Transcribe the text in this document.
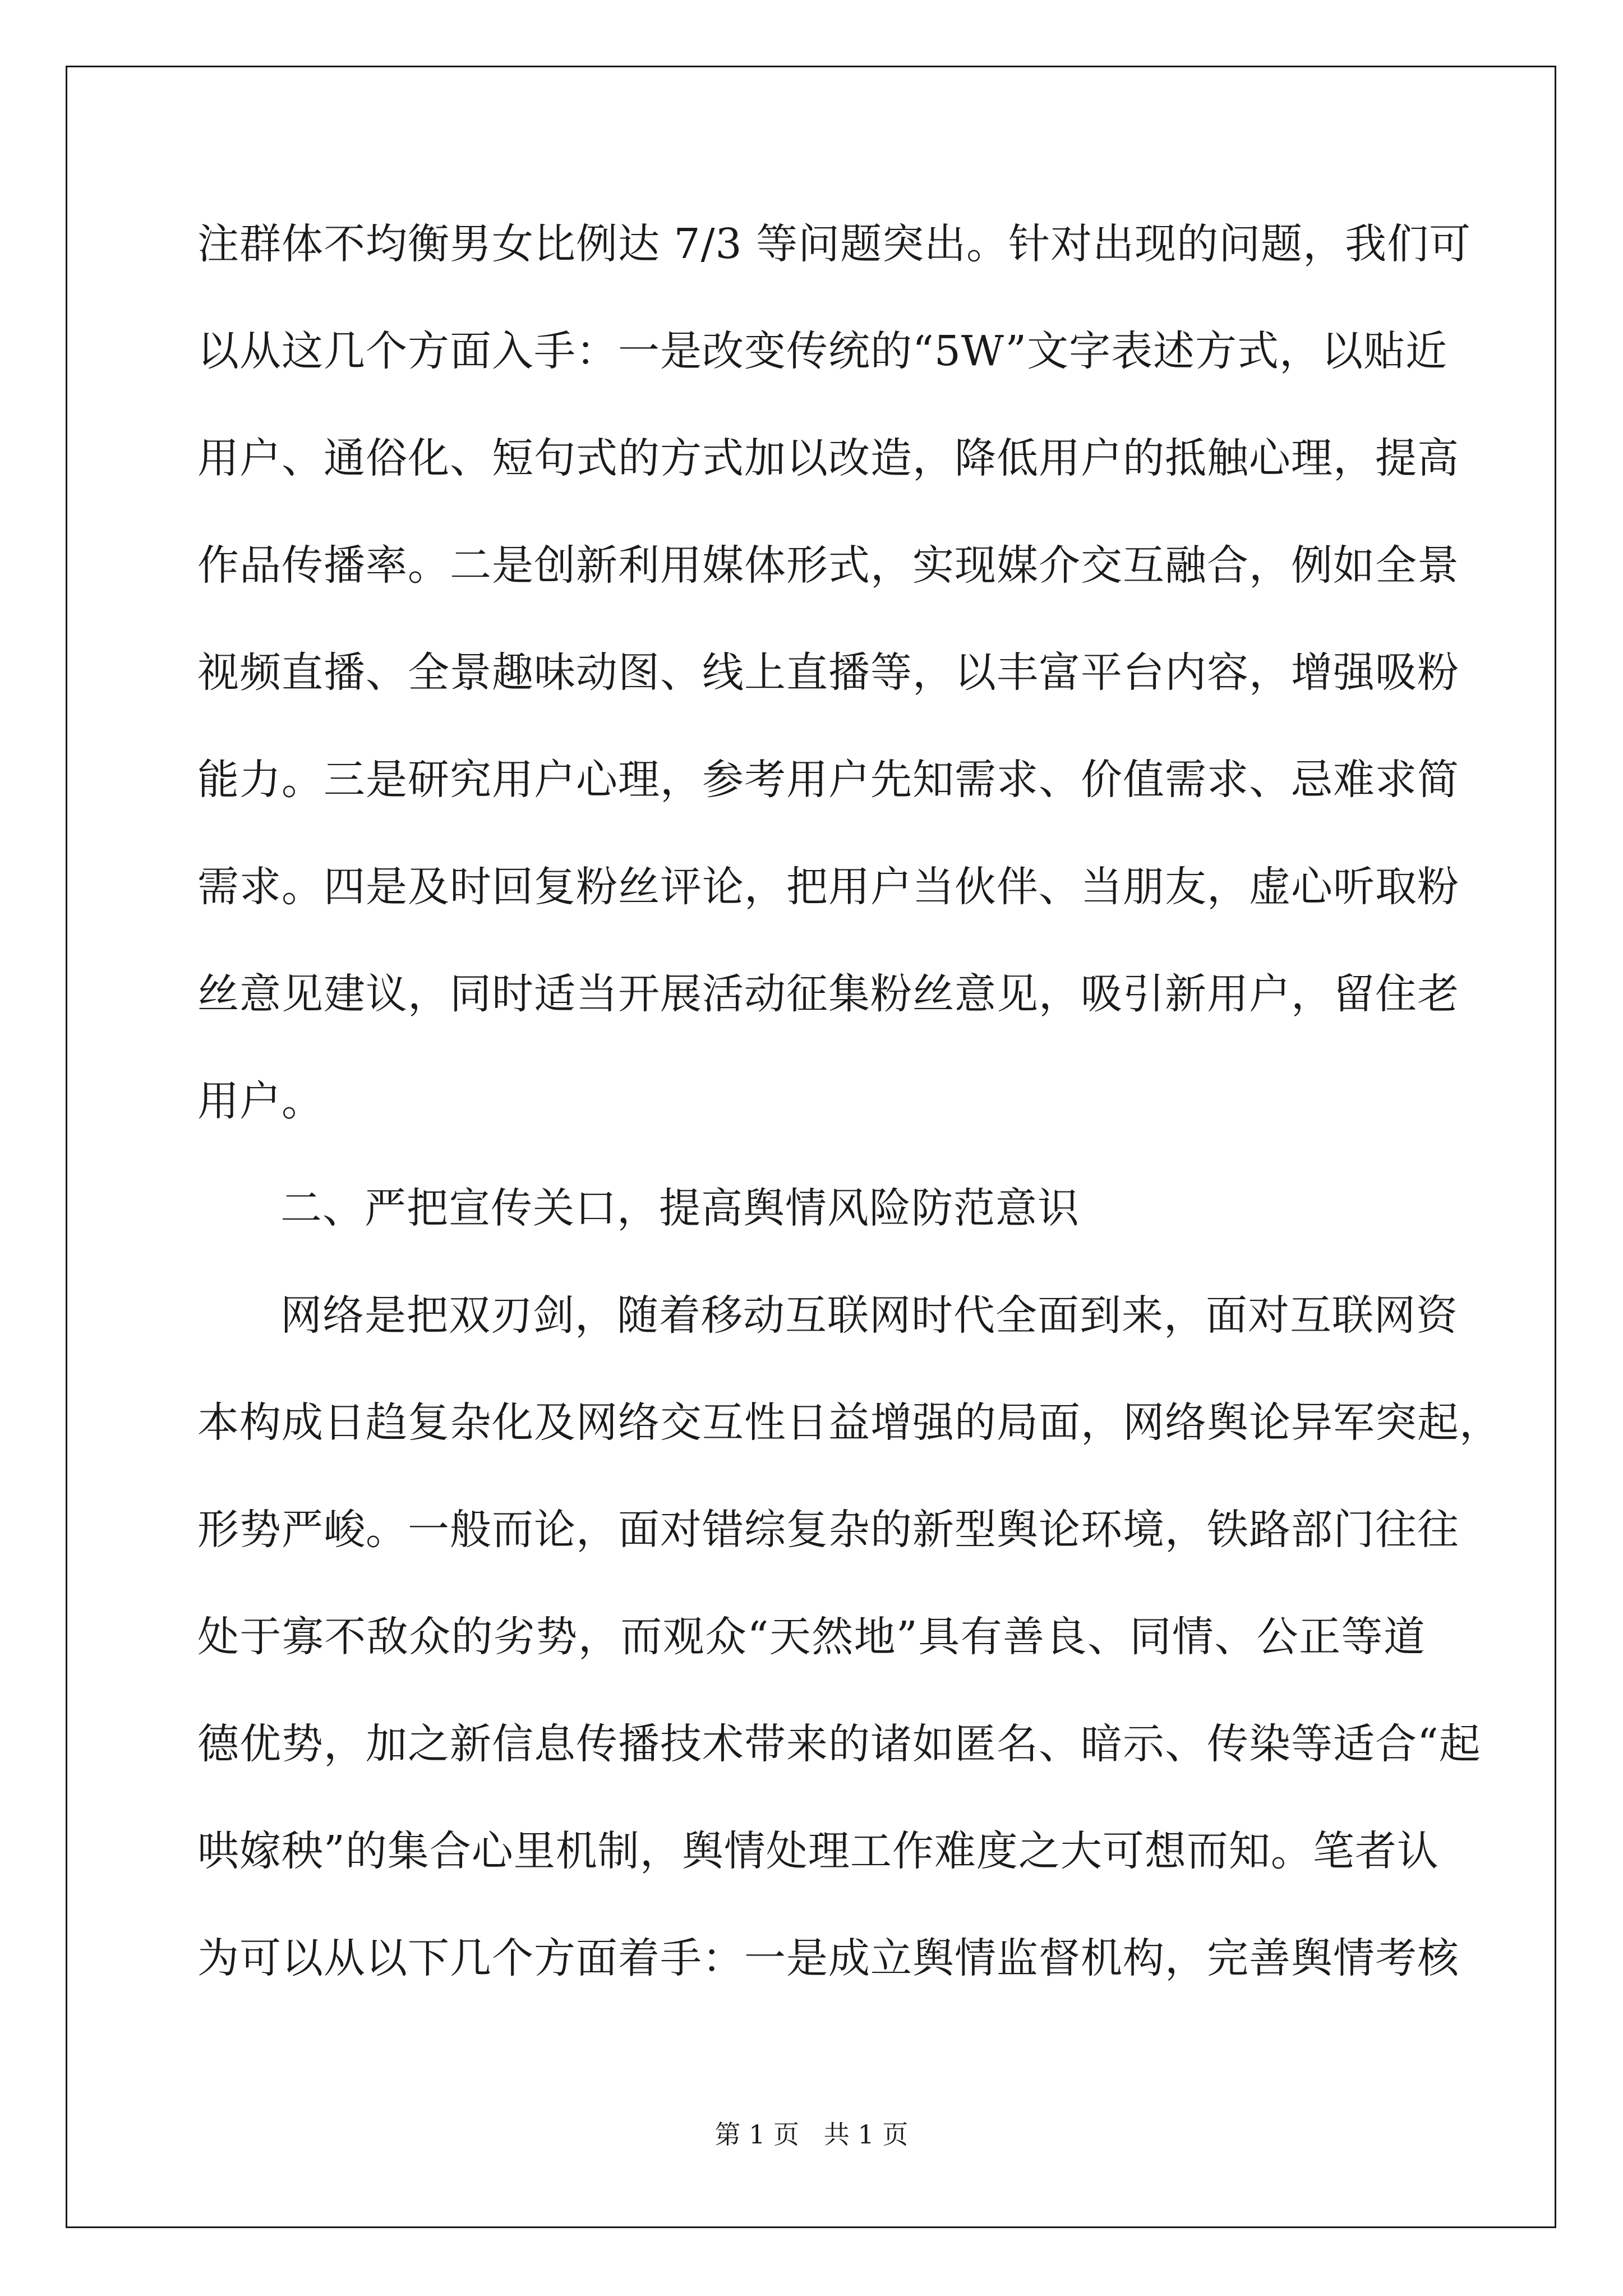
注群体不均衡男女比例达 7/3 等问题突出。针对出现的问题，我们可

以从这几个方面入手：一是改变传统的“5W”文字表述方式，以贴近

用户、通俗化、短句式的方式加以改造，降低用户的抵触心理，提高

作品传播率。二是创新利用媒体形式，实现媒介交互融合，例如全景

视频直播、全景趣味动图、线上直播等，以丰富平台内容，增强吸粉

能力。三是研究用户心理，参考用户先知需求、价值需求、忌难求简

需求。四是及时回复粉丝评论，把用户当伙伴、当朋友，虚心听取粉

丝意见建议，同时适当开展活动征集粉丝意见，吸引新用户，留住老

用户。

二、严把宣传关口，提高舆情风险防范意识

网络是把双刃剑，随着移动互联网时代全面到来，面对互联网资

本构成日趋复杂化及网络交互性日益增强的局面，网络舆论异军突起，

形势严峻。一般而论，面对错综复杂的新型舆论环境，铁路部门往往

处于寡不敌众的劣势，而观众“天然地”具有善良、同情、公正等道

德优势，加之新信息传播技术带来的诸如匿名、暗示、传染等适合“起

哄嫁秧”的集合心里机制，舆情处理工作难度之大可想而知。笔者认

为可以从以下几个方面着手：一是成立舆情监督机构，完善舆情考核

第 1 页   共 1 页
